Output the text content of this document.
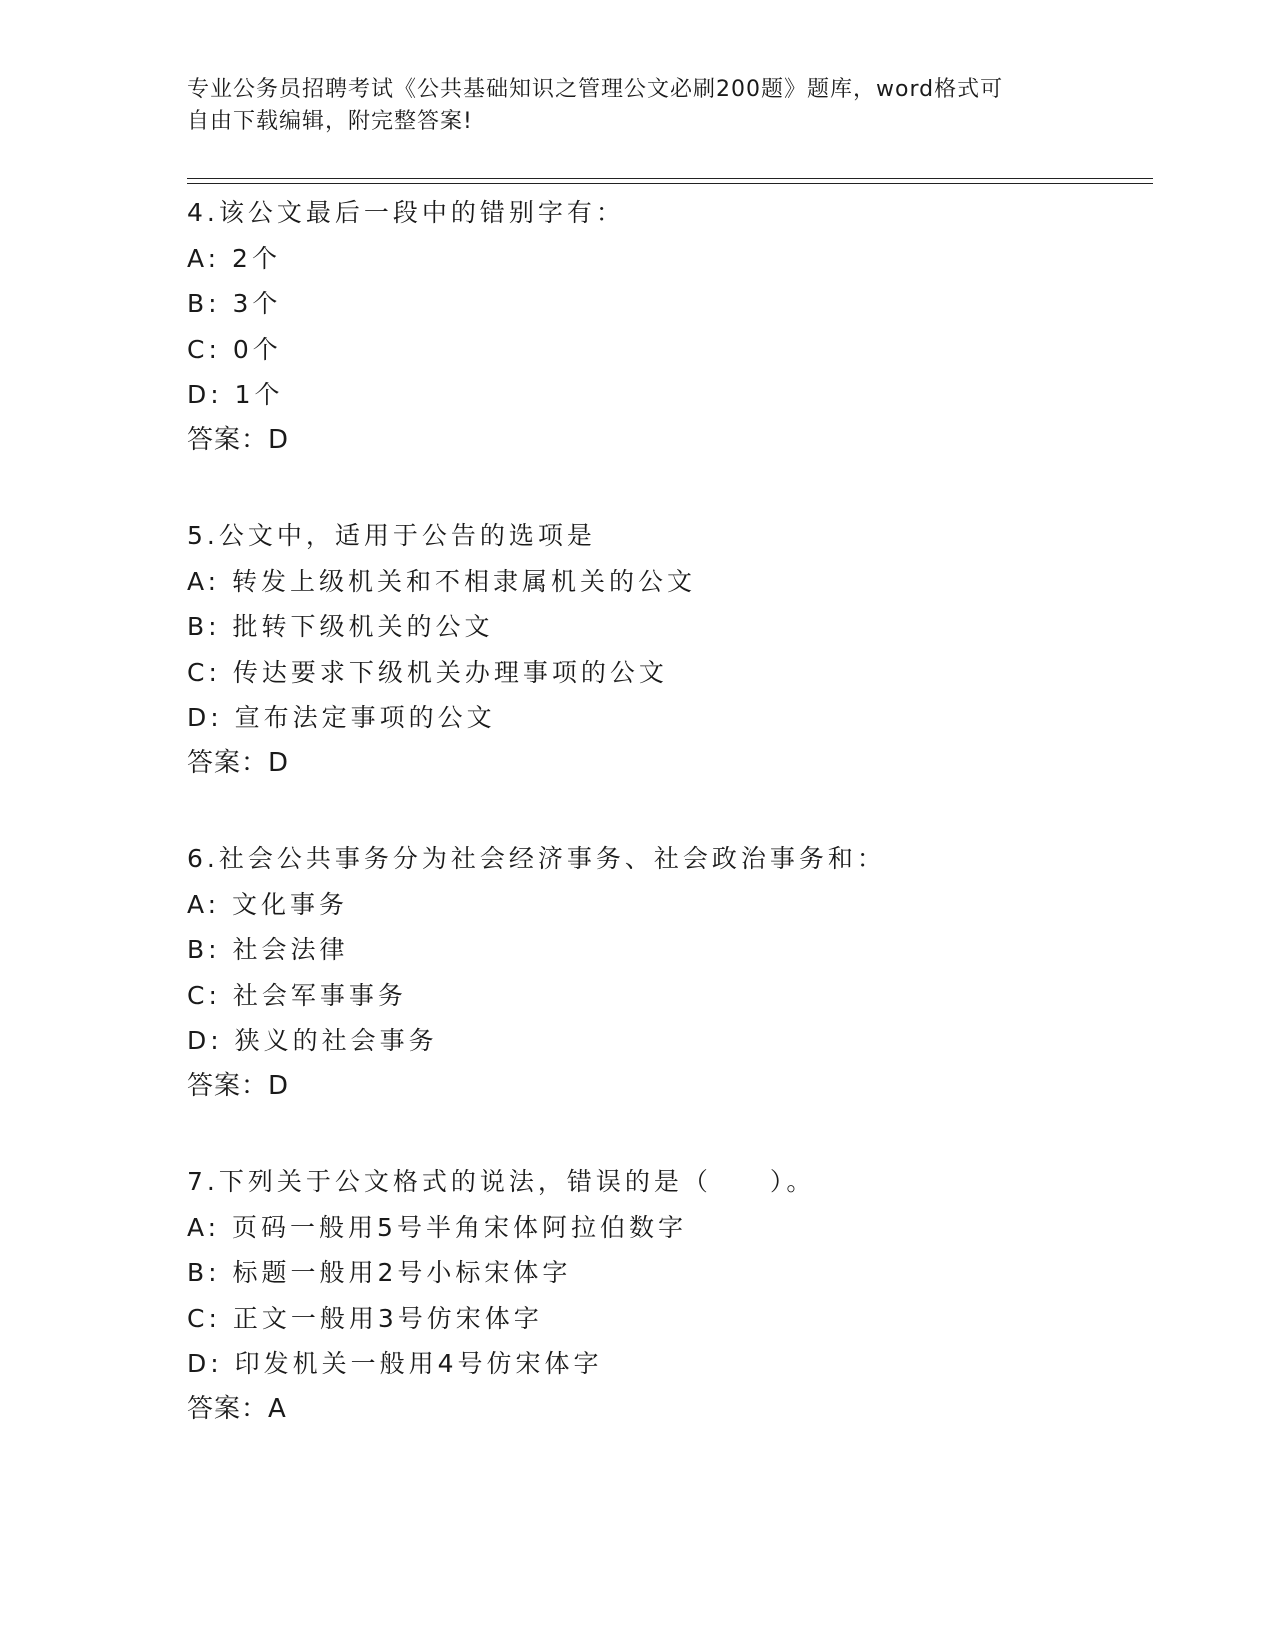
专业公务员招聘考试《公共基础知识之管理公文必刷200题》题库，word格式可
自由下载编辑，附完整答案!
4.该公文最后一段中的错别字有：
A: 2个
B: 3个
C: 0个
D: 1个
答案：D
5.公文中，适用于公告的选项是
A: 转发上级机关和不相隶属机关的公文
B: 批转下级机关的公文
C: 传达要求下级机关办理事项的公文
D: 宣布法定事项的公文
答案：D
6.社会公共事务分为社会经济事务、社会政治事务和：
A: 文化事务
B: 社会法律
C: 社会军事事务
D: 狭义的社会事务
答案：D
7.下列关于公文格式的说法，错误的是（　　）。
A: 页码一般用5号半角宋体阿拉伯数字
B: 标题一般用2号小标宋体字
C: 正文一般用3号仿宋体字
D: 印发机关一般用4号仿宋体字
答案：A
